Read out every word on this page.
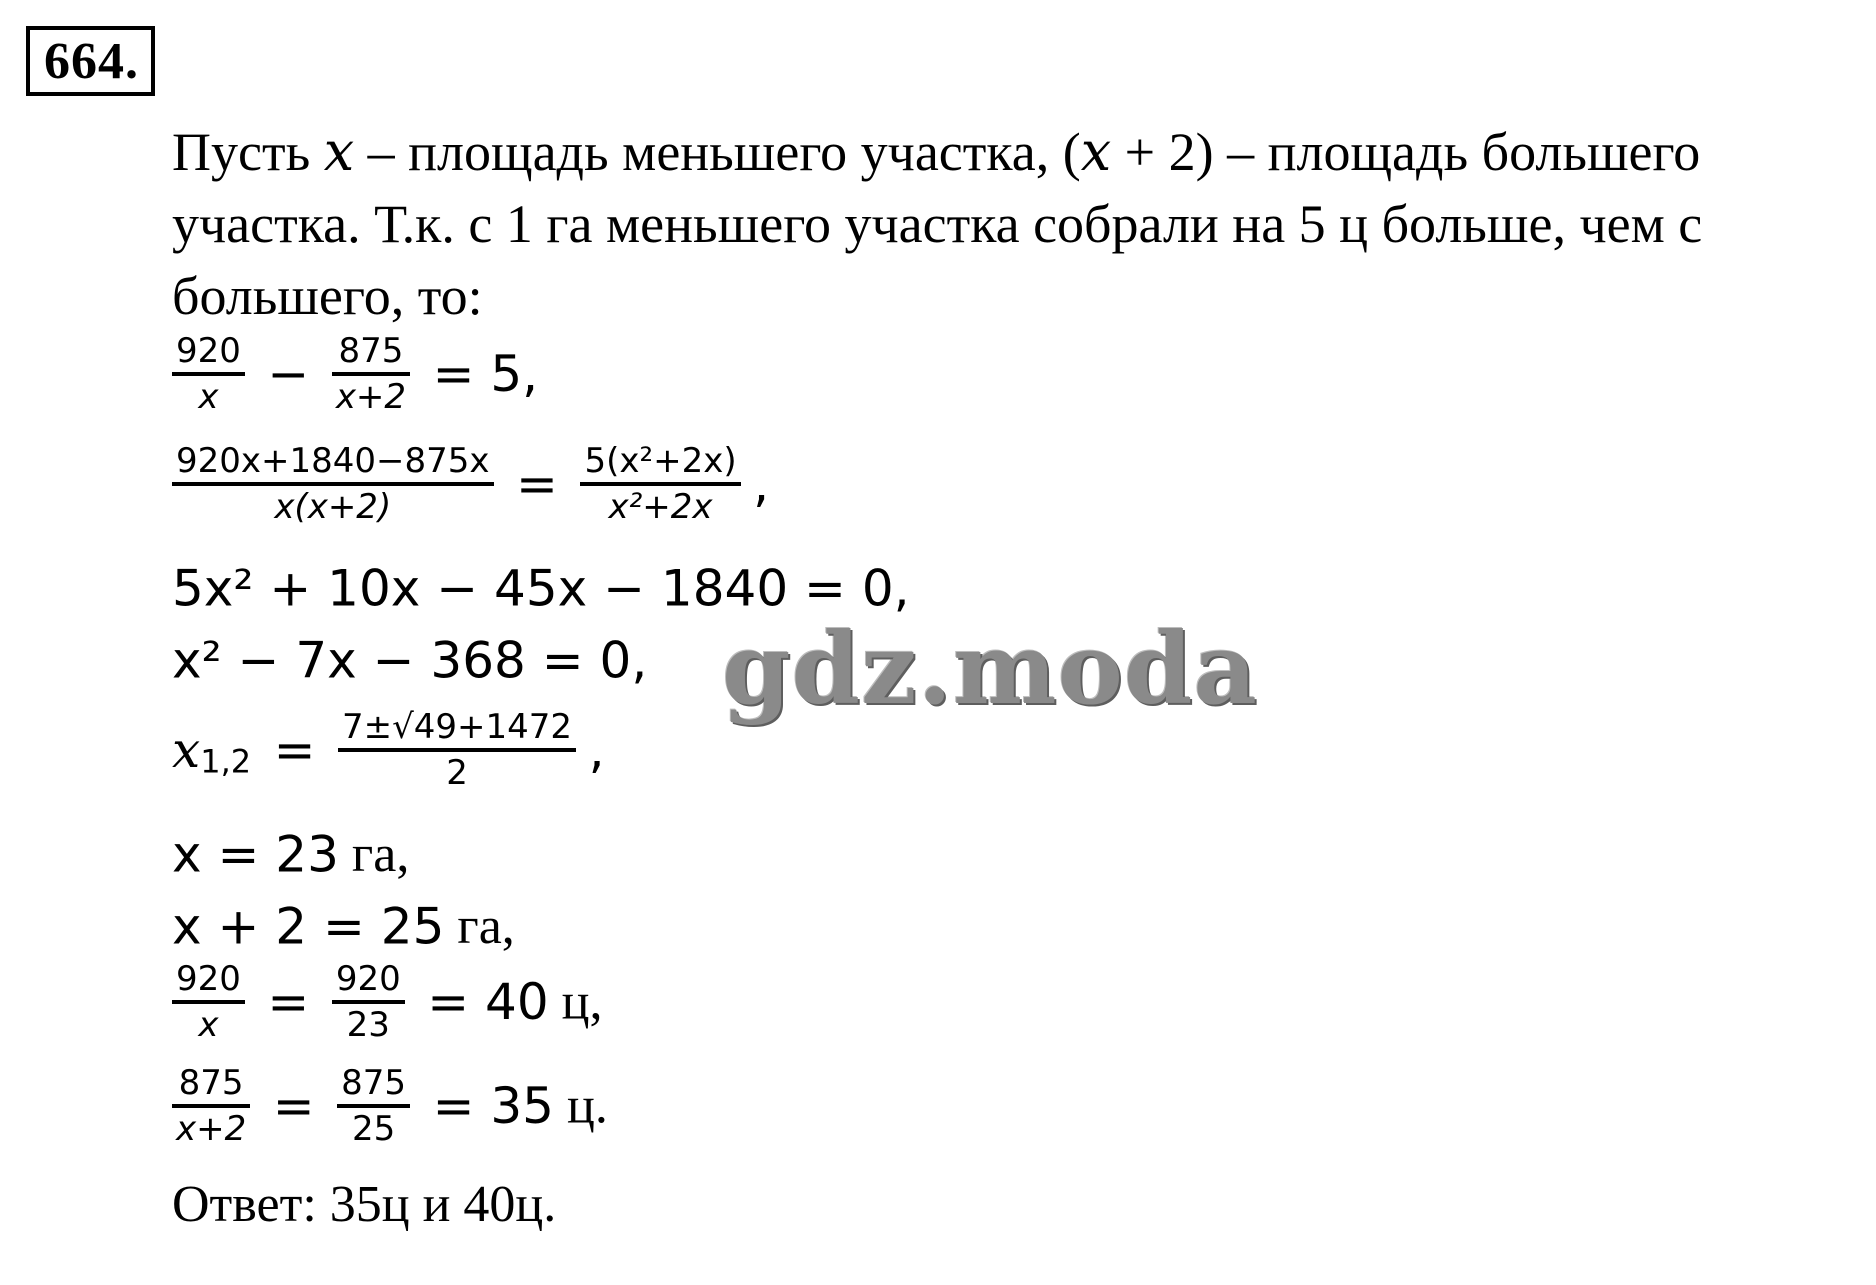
664.
Пусть 𝑥 – площадь меньшего участка, (𝑥 + 2) – площадь большего участка. Т.к. с 1 га меньшего участка собрали на 5 ц больше, чем с большего, то:
$\frac{920}{x} - \frac{875}{x+2} = 5$,
$\frac{920x+1840-875x}{x(x+2)} = \frac{\text{5(x²+2x)}}{\text{x²+2x}}$ ,
5x² + 10x − 45x − 1840 = 0,
x² − 7x − 368 = 0,
$x_{1,2} = \frac{7\pm√49+1472}{2}$ ,
x = 23 га,
x + 2 = 25 га,
$\frac{920}{x} = \frac{920}{23} = 40$ ц,
$\frac{875}{x+2} = \frac{875}{25} = 35$ ц.
Ответ: 35ц и 40ц.
gdz.moda
